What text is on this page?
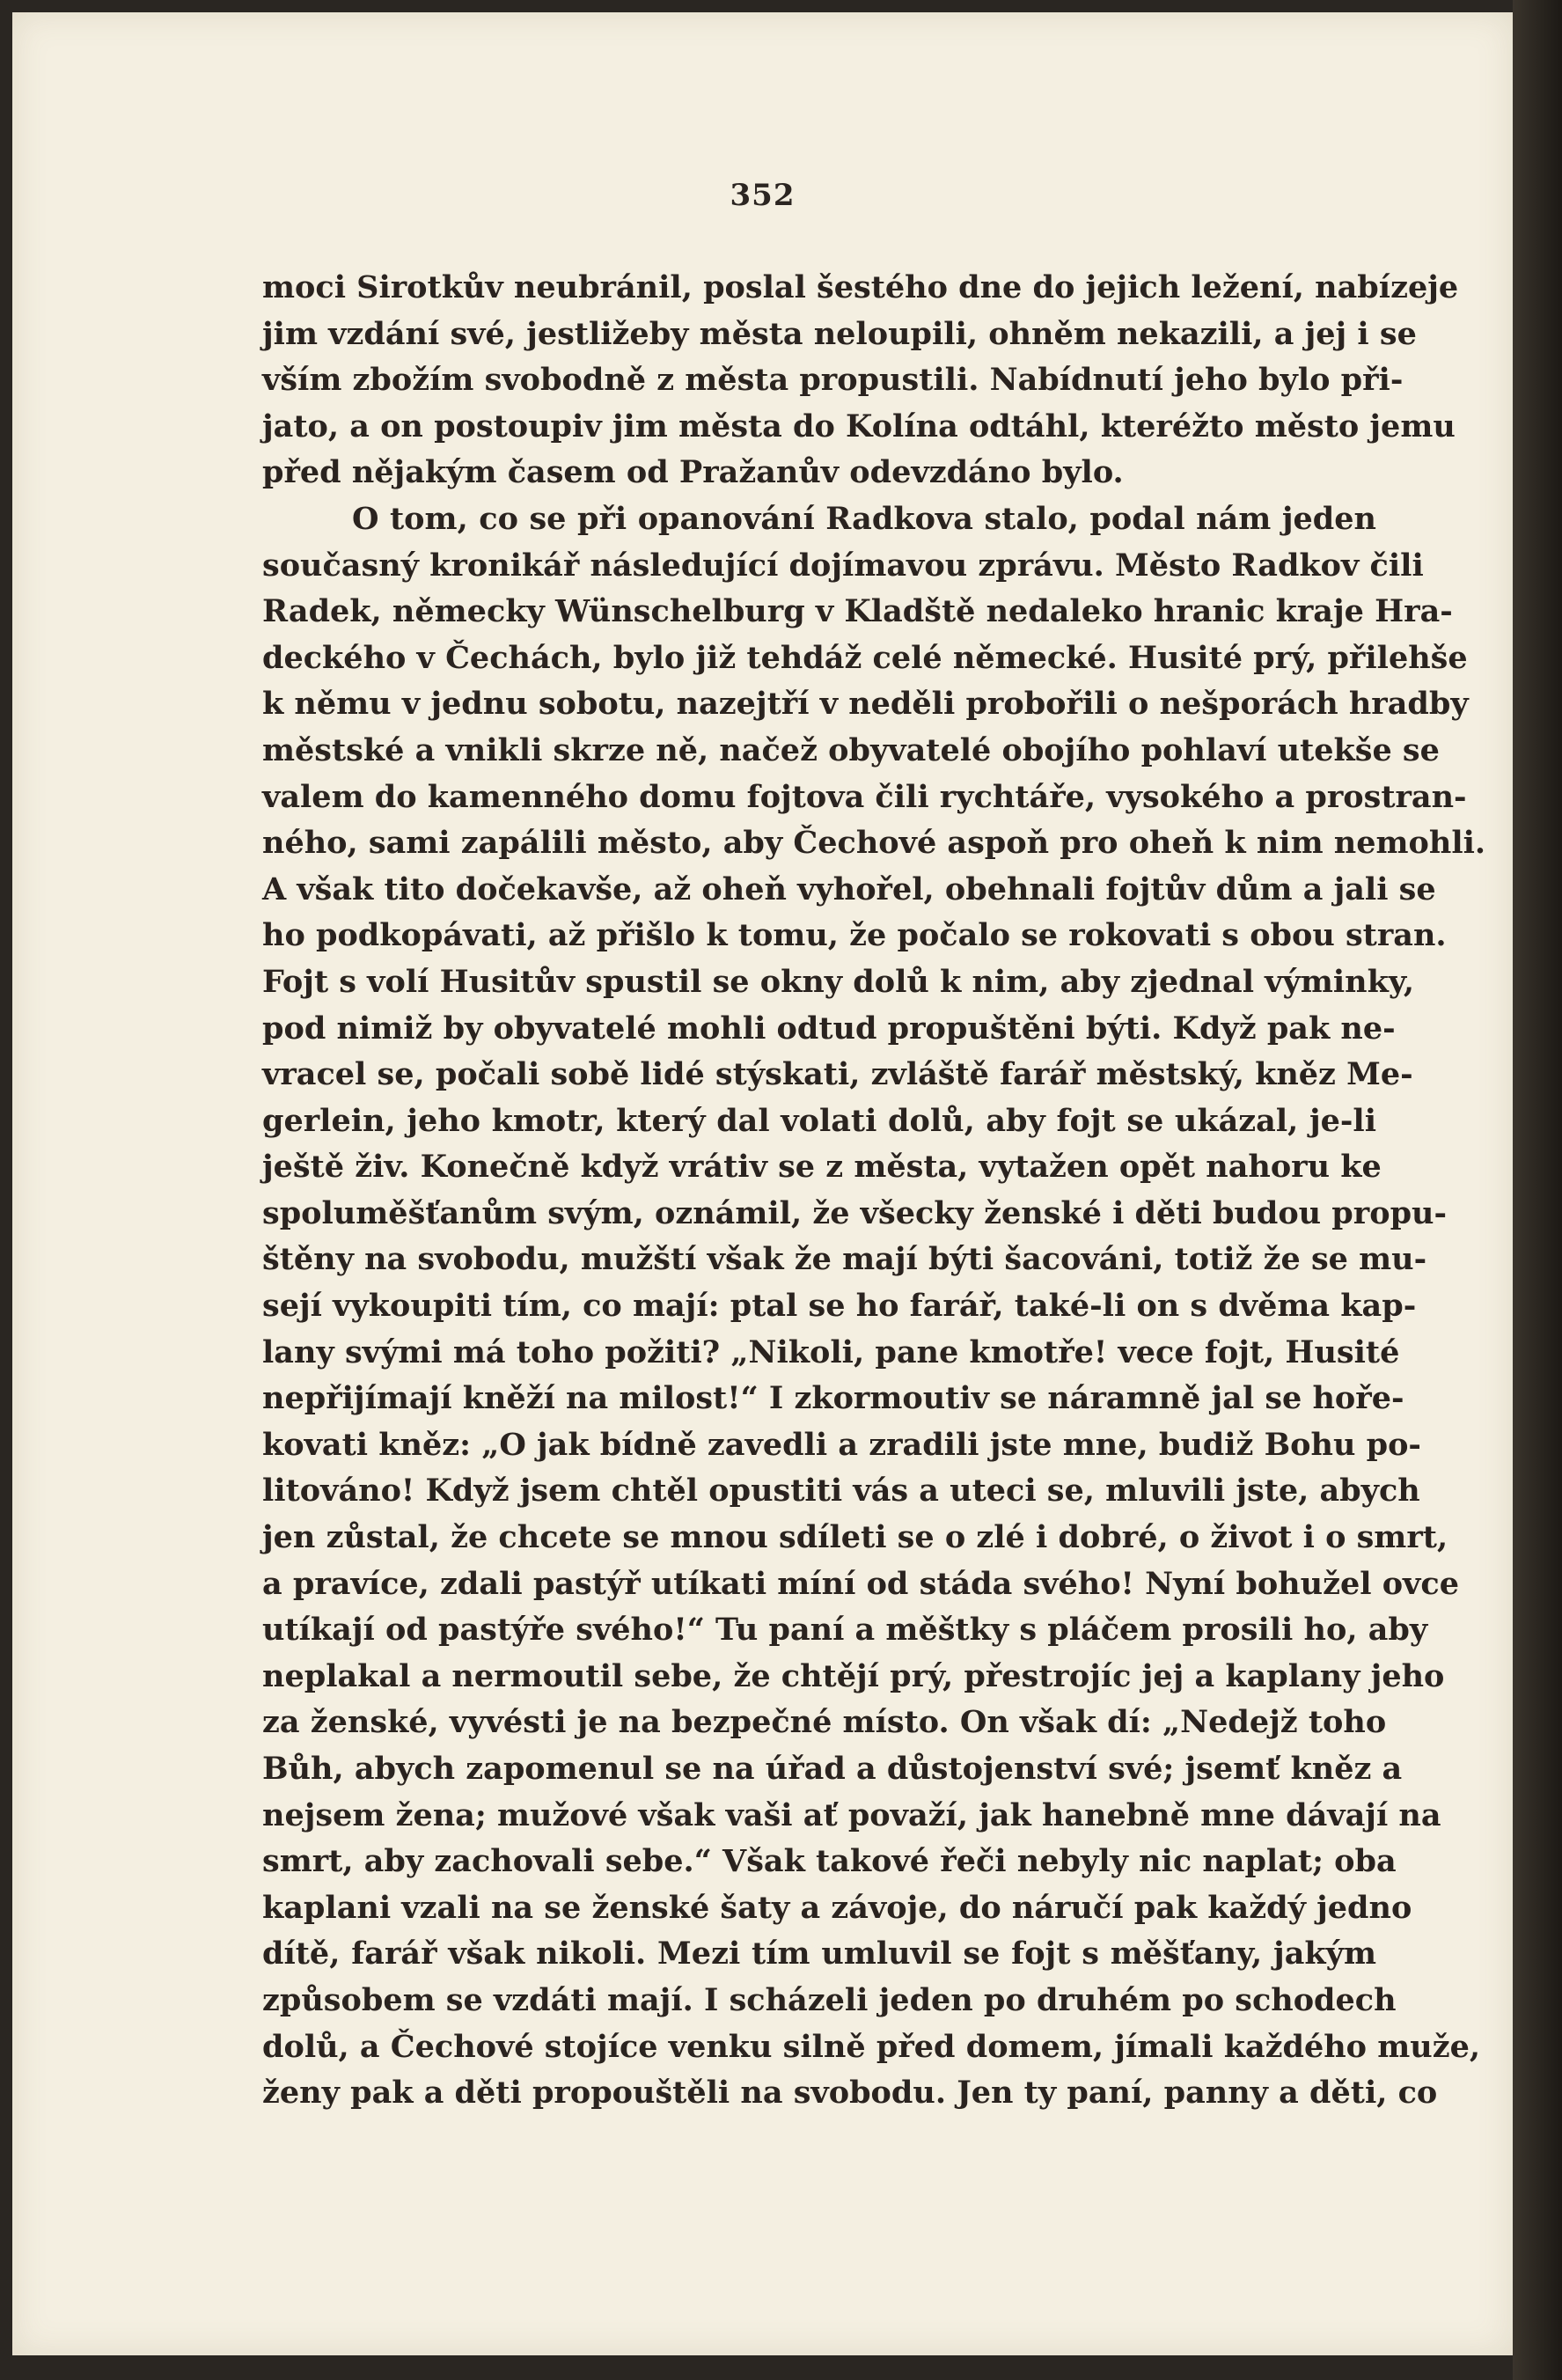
352
moci Sirotkův neubránil, poslal šestého dne do jejich ležení, nabízeje
jim vzdání své, jestližeby města neloupili, ohněm nekazili, a jej i se
vším zbožím svobodně z města propustili. Nabídnutí jeho bylo při-
jato, a on postoupiv jim města do Kolína odtáhl, kteréžto město jemu
před nějakým časem od Pražanův odevzdáno bylo.
O tom, co se při opanování Radkova stalo, podal nám jeden
současný kronikář následující dojímavou zprávu. Město Radkov čili
Radek, německy Wünschelburg v Kladště nedaleko hranic kraje Hra-
deckého v Čechách, bylo již tehdáž celé německé. Husité prý, přilehše
k němu v jednu sobotu, nazejtří v neděli probořili o nešporách hradby
městské a vnikli skrze ně, načež obyvatelé obojího pohlaví utekše se
valem do kamenného domu fojtova čili rychtáře, vysokého a prostran-
ného, sami zapálili město, aby Čechové aspoň pro oheň k nim nemohli.
A však tito dočekavše, až oheň vyhořel, obehnali fojtův dům a jali se
ho podkopávati, až přišlo k tomu, že počalo se rokovati s obou stran.
Fojt s volí Husitův spustil se okny dolů k nim, aby zjednal výminky,
pod nimiž by obyvatelé mohli odtud propuštěni býti. Když pak ne-
vracel se, počali sobě lidé stýskati, zvláště farář městský, kněz Me-
gerlein, jeho kmotr, který dal volati dolů, aby fojt se ukázal, je-li
ještě živ. Konečně když vrátiv se z města, vytažen opět nahoru ke
spoluměšťanům svým, oznámil, že všecky ženské i děti budou propu-
štěny na svobodu, mužští však že mají býti šacováni, totiž že se mu-
sejí vykoupiti tím, co mají: ptal se ho farář, také-li on s dvěma kap-
lany svými má toho požiti? „Nikoli, pane kmotře! vece fojt, Husité
nepřijímají kněží na milost!“ I zkormoutiv se náramně jal se hoře-
kovati kněz: „O jak bídně zavedli a zradili jste mne, budiž Bohu po-
litováno! Když jsem chtěl opustiti vás a uteci se, mluvili jste, abych
jen zůstal, že chcete se mnou sdíleti se o zlé i dobré, o život i o smrt,
a pravíce, zdali pastýř utíkati míní od stáda svého! Nyní bohužel ovce
utíkají od pastýře svého!“ Tu paní a měštky s pláčem prosili ho, aby
neplakal a nermoutil sebe, že chtějí prý, přestrojíc jej a kaplany jeho
za ženské, vyvésti je na bezpečné místo. On však dí: „Nedejž toho
Bůh, abych zapomenul se na úřad a důstojenství své; jsemť kněz a
nejsem žena; mužové však vaši ať považí, jak hanebně mne dávají na
smrt, aby zachovali sebe.“ Však takové řeči nebyly nic naplat; oba
kaplani vzali na se ženské šaty a závoje, do náručí pak každý jedno
dítě, farář však nikoli. Mezi tím umluvil se fojt s měšťany, jakým
způsobem se vzdáti mají. I scházeli jeden po druhém po schodech
dolů, a Čechové stojíce venku silně před domem, jímali každého muže,
ženy pak a děti propouštěli na svobodu. Jen ty paní, panny a děti, co
